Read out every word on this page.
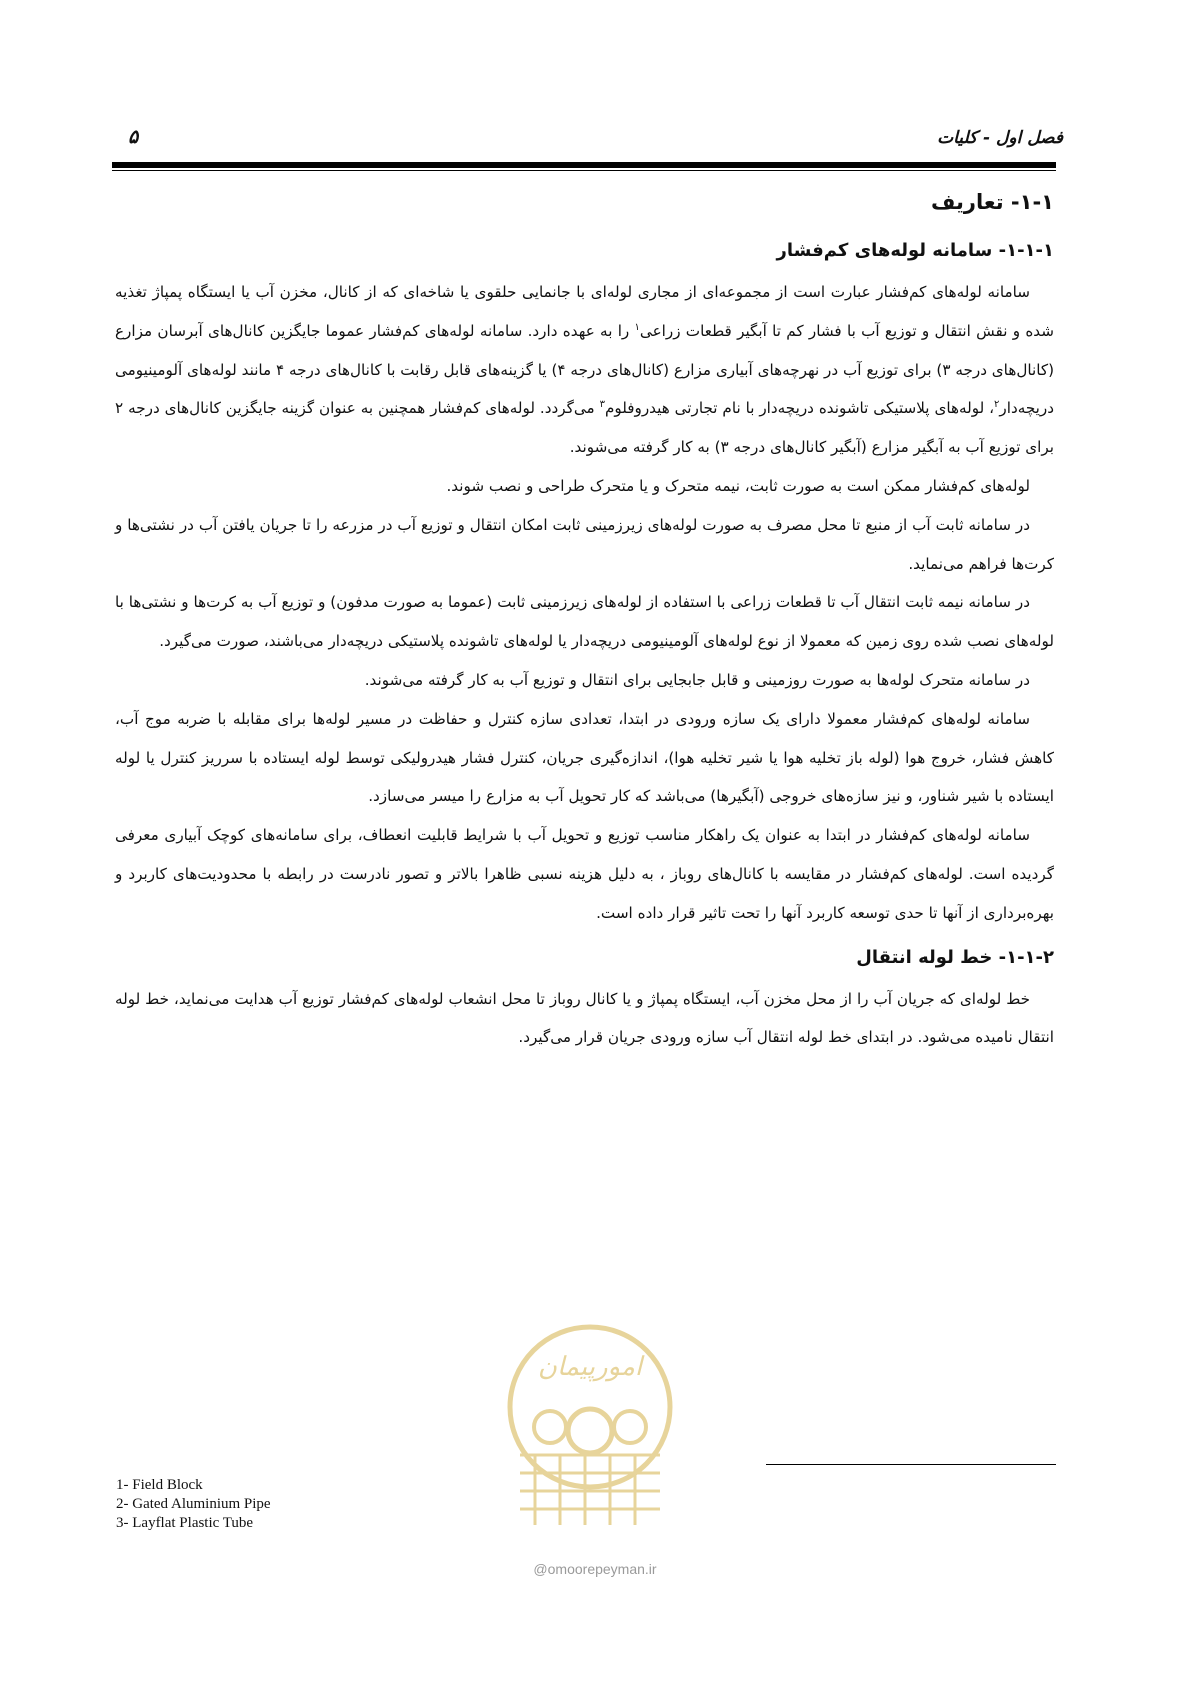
فصل اول - کلیات
۵
۱-۱- تعاریف
۱-۱-۱- سامانه لوله‌های کم‌فشار

سامانه لوله‌های کم‌فشار عبارت است از مجموعه‌ای از مجاری لوله‌ای با جانمایی حلقوی یا شاخه‌ای که از کانال، مخزن آب یا ایستگاه پمپاژ تغذیه شده و نقش انتقال و توزیع آب با فشار کم تا آبگیر قطعات زراعی$^۱$ را به عهده دارد. سامانه لوله‌های کم‌فشار عموما جایگزین کانال‌های آبرسان مزارع (کانال‌های درجه ۳) برای توزیع آب در نهرچه‌های آبیاری مزارع (کانال‌های درجه ۴) یا گزینه‌های قابل رقابت با کانال‌های درجه ۴ مانند لوله‌های آلومینیومی دریچه‌دار$^۲$، لوله‌های پلاستیکی تاشونده دریچه‌دار با نام تجارتی هیدروفلوم$^۳$ می‌گردد. لوله‌های کم‌فشار همچنین به عنوان گزینه جایگزین کانال‌های درجه ۲ برای توزیع آب به آبگیر مزارع (آبگیر کانال‌های درجه ۳) به کار گرفته می‌شوند.

لوله‌های کم‌فشار ممکن است به صورت ثابت، نیمه متحرک و یا متحرک طراحی و نصب شوند.

در سامانه ثابت آب از منبع تا محل مصرف به صورت لوله‌های زیرزمینی ثابت امکان انتقال و توزیع آب در مزرعه را تا جریان یافتن آب در نشتی‌ها و کرت‌ها فراهم می‌نماید.

در سامانه نیمه ثابت انتقال آب تا قطعات زراعی با استفاده از لوله‌های زیرزمینی ثابت (عموما به صورت مدفون) و توزیع آب به کرت‌ها و نشتی‌ها با لوله‌های نصب شده روی زمین که معمولا از نوع لوله‌های آلومینیومی دریچه‌دار یا لوله‌های تاشونده پلاستیکی دریچه‌دار می‌باشند، صورت می‌گیرد.

در سامانه متحرک لوله‌ها به صورت روزمینی و قابل جابجایی برای انتقال و توزیع آب به کار گرفته می‌شوند.

سامانه لوله‌های کم‌فشار معمولا دارای یک سازه ورودی در ابتدا، تعدادی سازه کنترل و حفاظت در مسیر لوله‌ها برای مقابله با ضربه موج آب، کاهش فشار، خروج هوا (لوله باز تخلیه هوا یا شیر تخلیه هوا)، اندازه‌گیری جریان، کنترل فشار هیدرولیکی توسط لوله ایستاده با سرریز کنترل یا لوله ایستاده با شیر شناور، و نیز سازه‌های خروجی (آبگیرها) می‌باشد که کار تحویل آب به مزارع را میسر می‌سازد.

سامانه لوله‌های کم‌فشار در ابتدا به عنوان یک راهکار مناسب توزیع و تحویل آب با شرایط قابلیت انعطاف، برای سامانه‌های کوچک آبیاری معرفی گردیده است. لوله‌های کم‌فشار در مقایسه با کانال‌های روباز ، به دلیل هزینه نسبی ظاهرا بالاتر و تصور نادرست در رابطه با محدودیت‌های کاربرد و بهره‌برداری از آنها تا حدی توسعه کاربرد آنها را تحت تاثیر قرار داده است.

۱-۱-۲- خط لوله انتقال

خط لوله‌ای که جریان آب را از محل مخزن آب، ایستگاه پمپاژ و یا کانال روباز تا محل انشعاب لوله‌های کم‌فشار توزیع آب هدایت می‌نماید، خط لوله انتقال نامیده می‌شود. در ابتدای خط لوله انتقال آب سازه ورودی جریان قرار می‌گیرد.

امورپیمان
@omoorepeyman.ir
1- Field Block
2- Gated Aluminium Pipe
3- Layflat Plastic Tube
